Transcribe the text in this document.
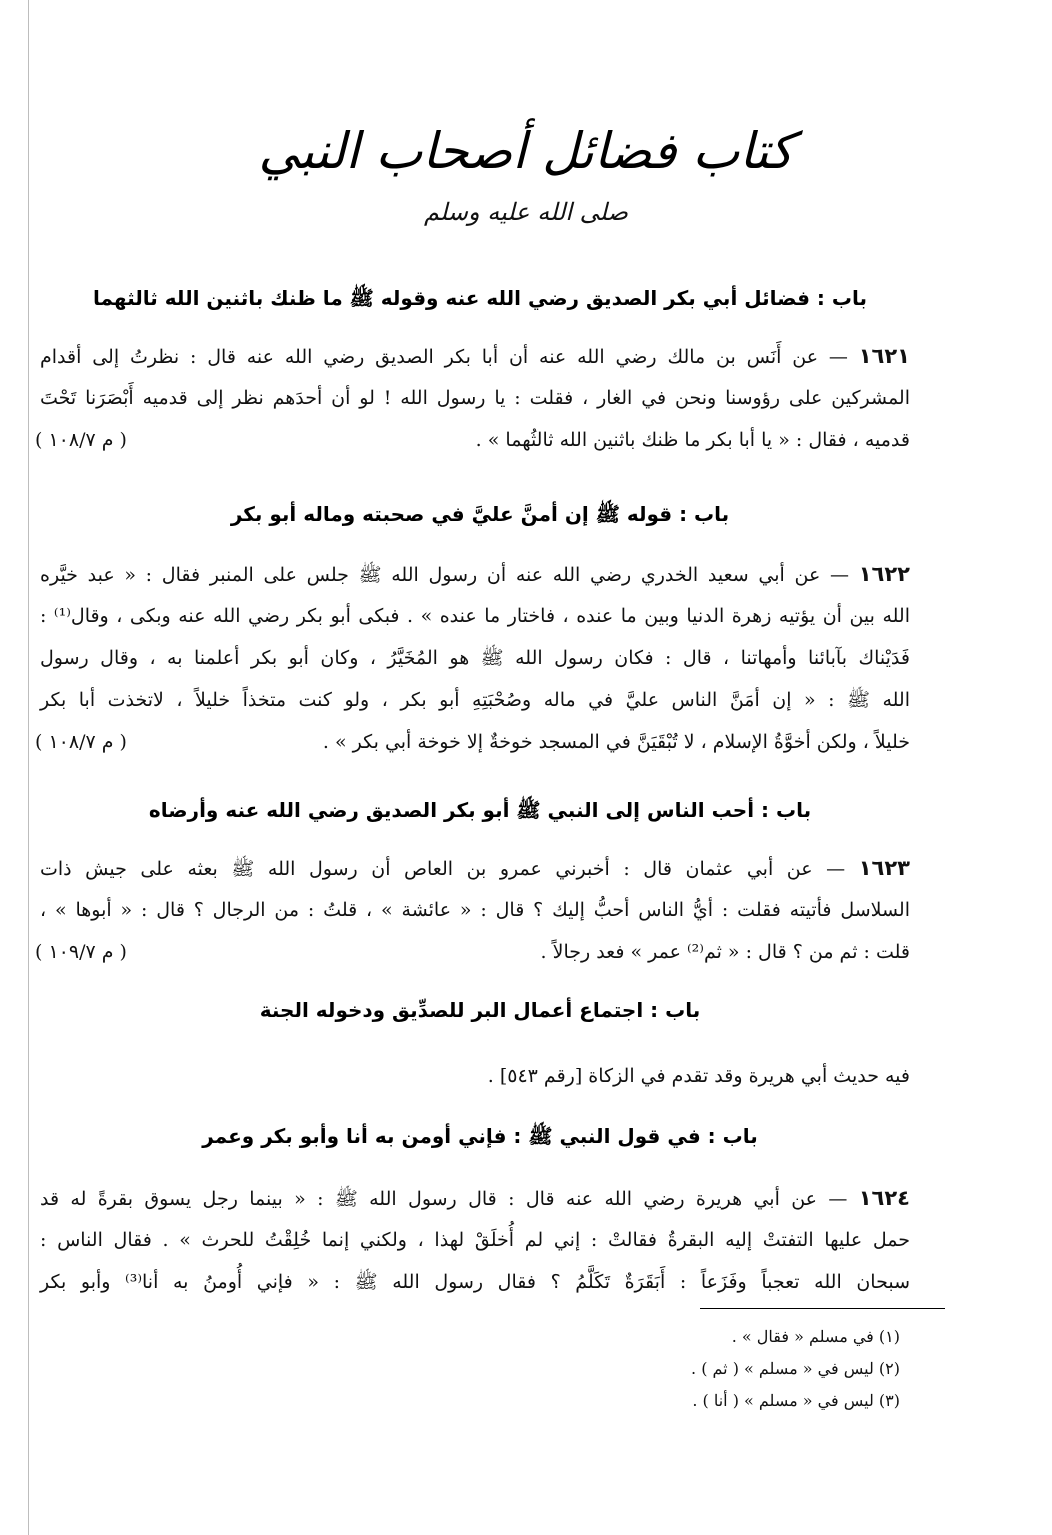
كتاب فضائل أصحاب النبي
صلى الله عليه وسلم
باب : فضائل أبي بكر الصديق رضي الله عنه وقوله ﷺ ما ظنك باثنين الله ثالثهما
١٦٢١ — عن أَنَس بن مالك رضي الله عنه أن أبا بكر الصديق رضي الله عنه قال : نظرتُ إلى أقدام
المشركين على رؤوسنا ونحن في الغار ، فقلت : يا رسول الله ! لو أن أحدَهم نظر إلى قدميه أَبْصَرَنا تَحْتَ
قدميه ، فقال : « يا أبا بكر ما ظنك باثنين الله ثالثُهما » .
( م ١٠٨/٧ )
باب : قوله ﷺ إن أمنَّ عليَّ في صحبته وماله أبو بكر
١٦٢٢ — عن أبي سعيد الخدري رضي الله عنه أن رسول الله ﷺ جلس على المنبر فقال : « عبد خيَّره
الله بين أن يؤتيه زهرة الدنيا وبين ما عنده ، فاختار ما عنده » . فبكى أبو بكر رضي الله عنه وبكى ، وقال⁽¹⁾ :
فَدَيْناك بآبائنا وأمهاتنا ، قال : فكان رسول الله ﷺ هو المُخَيَّرُ ، وكان أبو بكر أعلمنا به ، وقال رسول
الله ﷺ : « إن أمَنَّ الناس عليَّ في ماله وصُحْبَتِهِ أبو بكر ، ولو كنت متخذاً خليلاً ، لاتخذت أبا بكر
خليلاً ، ولكن أخوَّةُ الإسلام ، لا تُبْقَيَنَّ في المسجد خوخةٌ إلا خوخة أبي بكر » .
( م ١٠٨/٧ )
باب : أحب الناس إلى النبي ﷺ أبو بكر الصديق رضي الله عنه وأرضاه
١٦٢٣ — عن أبي عثمان قال : أخبرني عمرو بن العاص أن رسول الله ﷺ بعثه على جيش ذات
السلاسل فأتيته فقلت : أيُّ الناس أحبُّ إليك ؟ قال : « عائشة » ، قلتُ : من الرجال ؟ قال : « أبوها » ،
قلت : ثم من ؟ قال : « ثم⁽²⁾ عمر » فعد رجالاً .
( م ١٠٩/٧ )
باب : اجتماع أعمال البر للصدِّيق ودخوله الجنة
فيه حديث أبي هريرة وقد تقدم في الزكاة [رقم ٥٤٣] .
باب : في قول النبي ﷺ : فإني أومن به أنا وأبو بكر وعمر
١٦٢٤ — عن أبي هريرة رضي الله عنه قال : قال رسول الله ﷺ : « بينما رجل يسوق بقرةً له قد
حمل عليها التفتتْ إليه البقرةُ فقالتْ : إني لم أُخلَقْ لهذا ، ولكني إنما خُلِقْتُ للحرث » . فقال الناس :
سبحان الله تعجباً وفَزَعاً : أَبَقَرَةٌ تَكَلَّمُ ؟ فقال رسول الله ﷺ : « فإني أُومنُ به أنا⁽³⁾ وأبو بكر
(١) في مسلم « فقال » .
(٢) ليس في « مسلم » ( ثم ) .
(٣) ليس في « مسلم » ( أنا ) .
